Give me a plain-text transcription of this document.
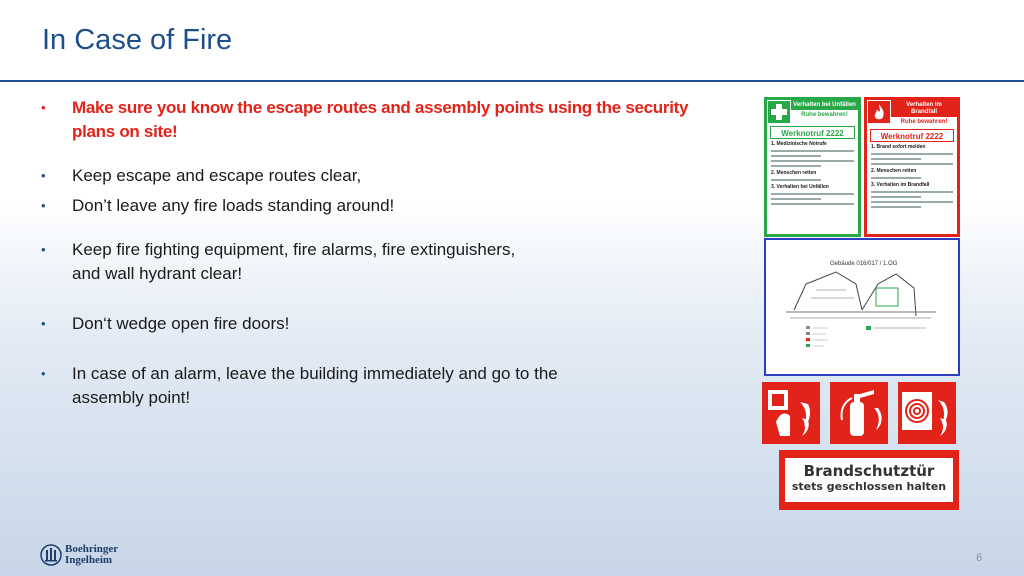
In Case of Fire
•	Make sure you know the escape routes and assembly points using the security
plans on site!
•	Keep escape and escape routes clear,
•	Don’t leave any fire loads standing around!
•	Keep fire fighting equipment, fire alarms, fire extinguishers,
and wall hydrant clear!
•	Don‘t wedge open fire doors!
•	In case of an alarm, leave the building immediately and go to the
assembly point!
Verhalten bei Unfällen
Ruhe bewahren!
Werknotruf 2222
1. Medizinische Notrufe
2. Menschen retten
3. Verhalten bei Unfällen
Verhalten im Brandfall
Ruhe bewahren!
Werknotruf 2222
1. Brand sofort melden
2. Menschen retten
3. Verhalten im Brandfall
Gebäude 016/017 / 1.OG
Brandschutztür
stets geschlossen halten
Boehringer
Ingelheim	6
